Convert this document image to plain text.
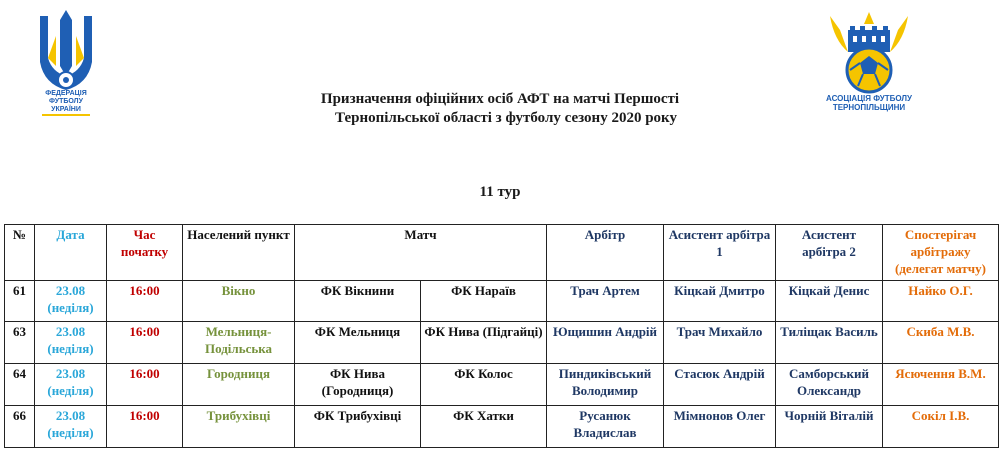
ФЕДЕРАЦІЯ
ФУТБОЛУ
УКРАЇНИ
АСОЦІАЦІЯ ФУТБОЛУ
ТЕРНОПІЛЬЩИНИ
Призначення офіційних осіб АФТ на матчі Першості
Тернопільської області з футболу сезону 2020 року
11 тур
№	Дата	Час початку	Населений пункт	Матч		Арбітр	Асистент арбітра 1	Асистент арбітра 2	Спостерігач арбітражу (делегат матчу)
61	23.08 (неділя)	16:00	Вікно	ФК Вікнини	ФК Нараїв	Трач Артем	Кіцкай Дмитро	Кіцкай Денис	Найко О.Г.
63	23.08 (неділя)	16:00	Мельниця-Подільська	ФК Мельниця	ФК Нива (Підгайці)	Ющишин Андрій	Трач Михайло	Тиліщак Василь	Скиба М.В.
64	23.08 (неділя)	16:00	Городниця	ФК Нива (Городниця)	ФК Колос	Пиндиківський Володимир	Стасюк Андрій	Самборський Олександр	Ясючення В.М.
66	23.08 (неділя)	16:00	Трибухівці	ФК Трибухівці	ФК Хатки	Русанюк Владислав	Мімнонов Олег	Чорній Віталій	Сокіл І.В.
